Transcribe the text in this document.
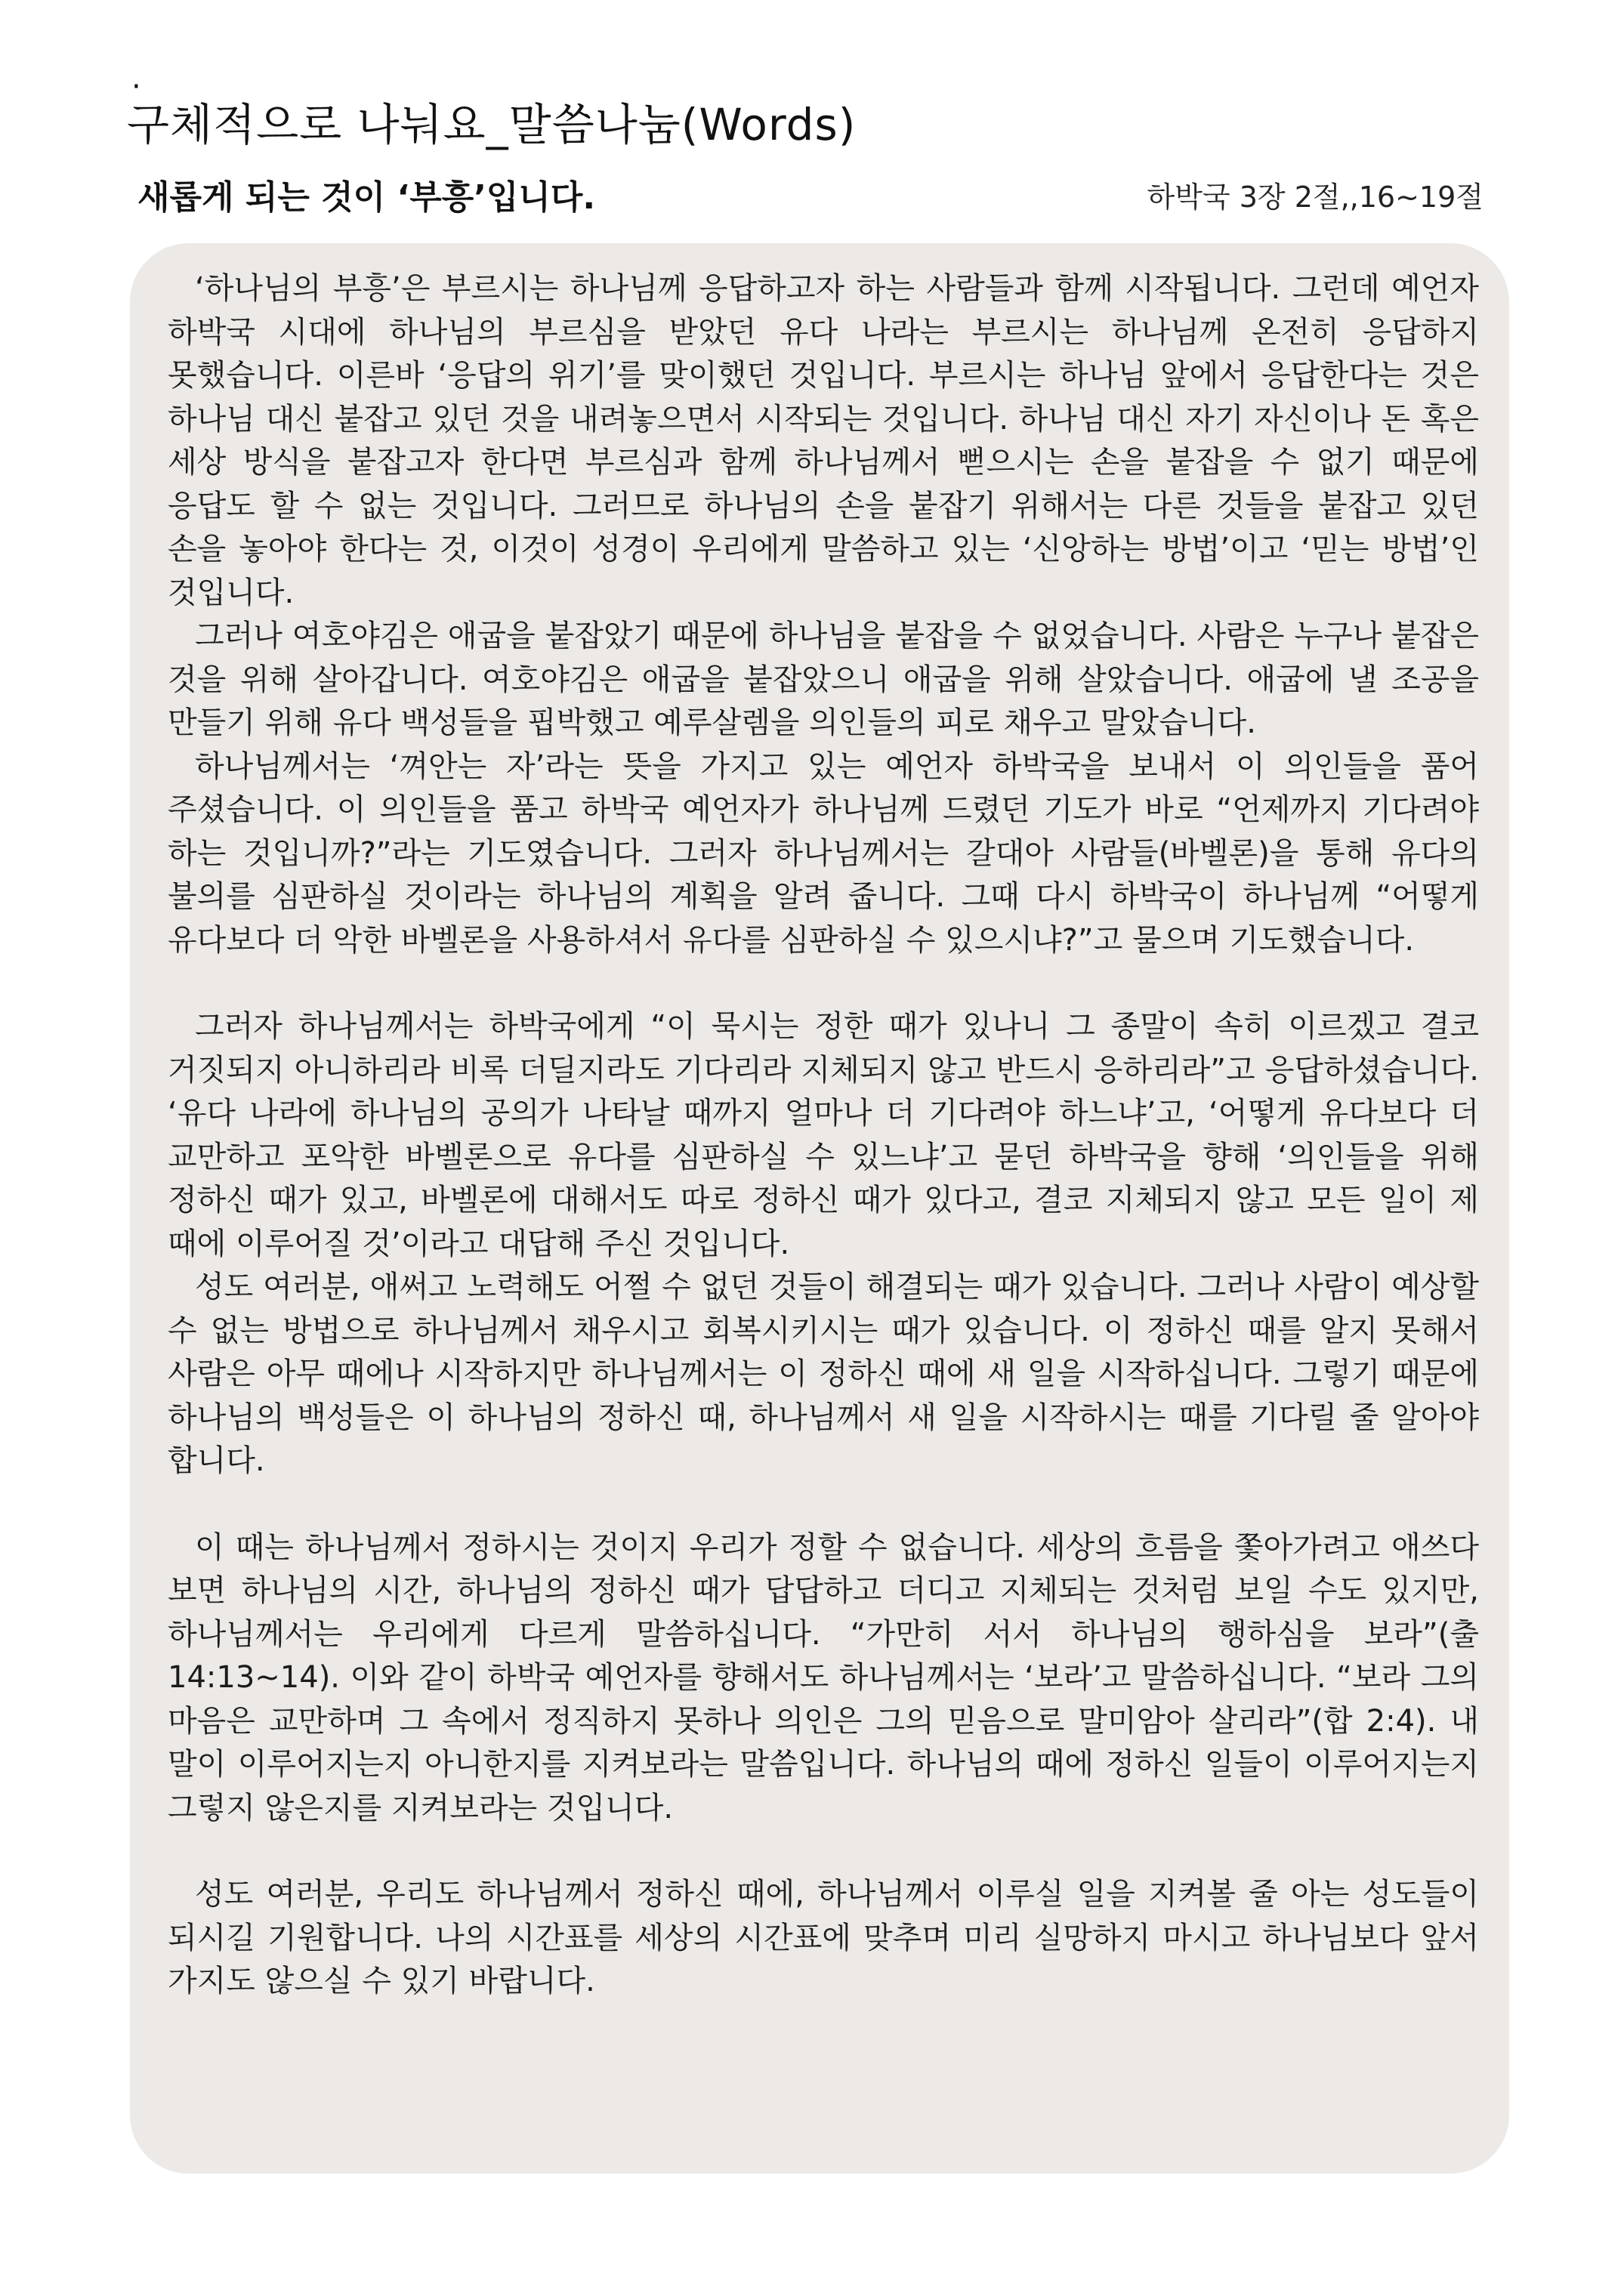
·
구체적으로 나눠요_말씀나눔(Words)
새롭게 되는 것이 ‘부흥’입니다.	하박국 3장 2절,,16~19절

‘하나님의 부흥’은 부르시는 하나님께 응답하고자 하는 사람들과 함께 시작됩니다. 그런데 예언자 하박국 시대에 하나님의 부르심을 받았던 유다 나라는 부르시는 하나님께 온전히 응답하지 못했습니다. 이른바 ‘응답의 위기’를 맞이했던 것입니다. 부르시는 하나님 앞에서 응답한다는 것은 하나님 대신 붙잡고 있던 것을 내려놓으면서 시작되는 것입니다. 하나님 대신 자기 자신이나 돈 혹은 세상 방식을 붙잡고자 한다면 부르심과 함께 하나님께서 뻗으시는 손을 붙잡을 수 없기 때문에 응답도 할 수 없는 것입니다. 그러므로 하나님의 손을 붙잡기 위해서는 다른 것들을 붙잡고 있던 손을 놓아야 한다는 것, 이것이 성경이 우리에게 말씀하고 있는 ‘신앙하는 방법’이고 ‘믿는 방법’인 것입니다.

그러나 여호야김은 애굽을 붙잡았기 때문에 하나님을 붙잡을 수 없었습니다. 사람은 누구나 붙잡은 것을 위해 살아갑니다. 여호야김은 애굽을 붙잡았으니 애굽을 위해 살았습니다. 애굽에 낼 조공을 만들기 위해 유다 백성들을 핍박했고 예루살렘을 의인들의 피로 채우고 말았습니다.

하나님께서는 ‘껴안는 자’라는 뜻을 가지고 있는 예언자 하박국을 보내서 이 의인들을 품어 주셨습니다. 이 의인들을 품고 하박국 예언자가 하나님께 드렸던 기도가 바로 “언제까지 기다려야 하는 것입니까?”라는 기도였습니다. 그러자 하나님께서는 갈대아 사람들(바벨론)을 통해 유다의 불의를 심판하실 것이라는 하나님의 계획을 알려 줍니다. 그때 다시 하박국이 하나님께 “어떻게 유다보다 더 악한 바벨론을 사용하셔서 유다를 심판하실 수 있으시냐?”고 물으며 기도했습니다.

그러자 하나님께서는 하박국에게 “이 묵시는 정한 때가 있나니 그 종말이 속히 이르겠고 결코 거짓되지 아니하리라 비록 더딜지라도 기다리라 지체되지 않고 반드시 응하리라”고 응답하셨습니다. ‘유다 나라에 하나님의 공의가 나타날 때까지 얼마나 더 기다려야 하느냐’고, ‘어떻게 유다보다 더 교만하고 포악한 바벨론으로 유다를 심판하실 수 있느냐’고 묻던 하박국을 향해 ‘의인들을 위해 정하신 때가 있고, 바벨론에 대해서도 따로 정하신 때가 있다고, 결코 지체되지 않고 모든 일이 제 때에 이루어질 것’이라고 대답해 주신 것입니다.

성도 여러분, 애써고 노력해도 어쩔 수 없던 것들이 해결되는 때가 있습니다. 그러나 사람이 예상할 수 없는 방법으로 하나님께서 채우시고 회복시키시는 때가 있습니다. 이 정하신 때를 알지 못해서 사람은 아무 때에나 시작하지만 하나님께서는 이 정하신 때에 새 일을 시작하십니다. 그렇기 때문에 하나님의 백성들은 이 하나님의 정하신 때, 하나님께서 새 일을 시작하시는 때를 기다릴 줄 알아야 합니다.

이 때는 하나님께서 정하시는 것이지 우리가 정할 수 없습니다. 세상의 흐름을 쫓아가려고 애쓰다 보면 하나님의 시간, 하나님의 정하신 때가 답답하고 더디고 지체되는 것처럼 보일 수도 있지만, 하나님께서는 우리에게 다르게 말씀하십니다. “가만히 서서 하나님의 행하심을 보라”(출 14:13~14). 이와 같이 하박국 예언자를 향해서도 하나님께서는 ‘보라’고 말씀하십니다. “보라 그의 마음은 교만하며 그 속에서 정직하지 못하나 의인은 그의 믿음으로 말미암아 살리라”(합 2:4). 내 말이 이루어지는지 아니한지를 지켜보라는 말씀입니다. 하나님의 때에 정하신 일들이 이루어지는지 그렇지 않은지를 지켜보라는 것입니다.

성도 여러분, 우리도 하나님께서 정하신 때에, 하나님께서 이루실 일을 지켜볼 줄 아는 성도들이 되시길 기원합니다. 나의 시간표를 세상의 시간표에 맞추며 미리 실망하지 마시고 하나님보다 앞서 가지도 않으실 수 있기 바랍니다.
